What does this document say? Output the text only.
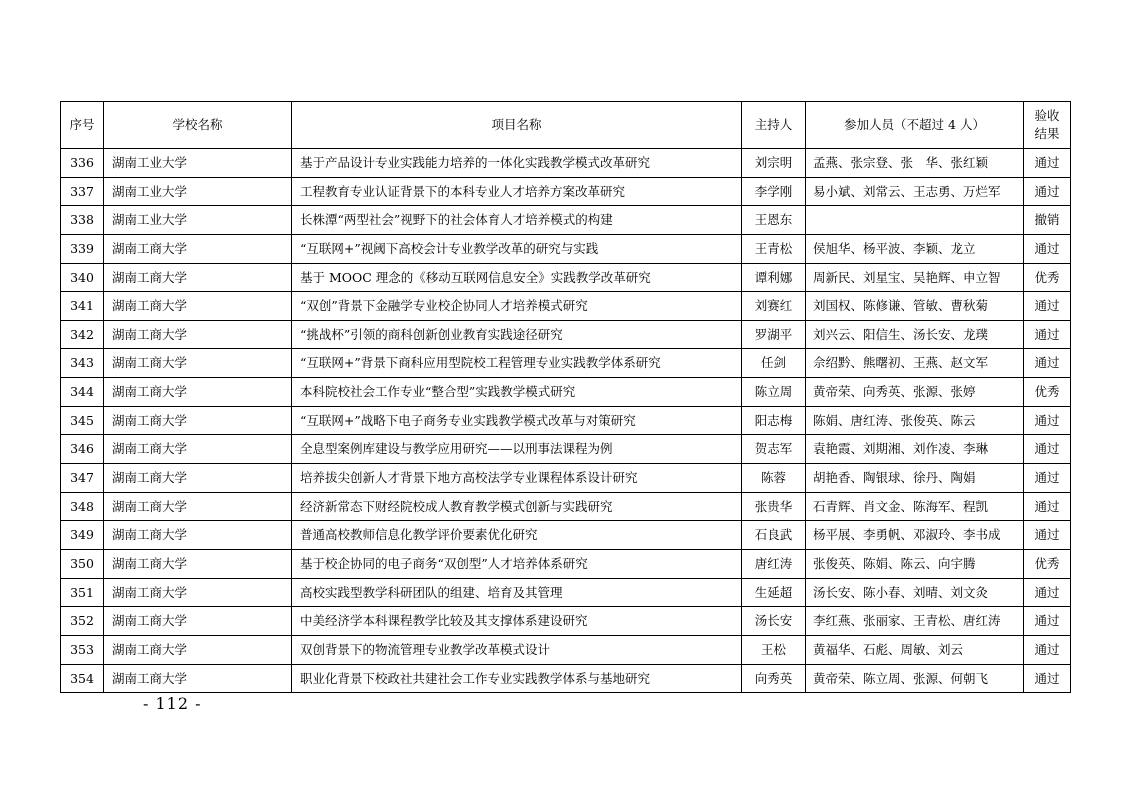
序号	学校名称	项目名称	主持人	参加人员（不超过 4 人）	验收
结果
336	湖南工业大学	基于产品设计专业实践能力培养的一体化实践教学模式改革研究	刘宗明	孟燕、张宗登、张　华、张红颖	通过
337	湖南工业大学	工程教育专业认证背景下的本科专业人才培养方案改革研究	李学刚	易小斌、刘常云、王志勇、万烂军	通过
338	湖南工业大学	长株潭“两型社会”视野下的社会体育人才培养模式的构建	王恩东		撤销
339	湖南工商大学	“互联网+”视阈下高校会计专业教学改革的研究与实践	王青松	侯旭华、杨平波、李颖、龙立	通过
340	湖南工商大学	基于 MOOC 理念的《移动互联网信息安全》实践教学改革研究	谭利娜	周新民、刘星宝、吴艳辉、申立智	优秀
341	湖南工商大学	“双创”背景下金融学专业校企协同人才培养模式研究	刘赛红	刘国权、陈修谦、管敏、曹秋菊	通过
342	湖南工商大学	“挑战杯”引领的商科创新创业教育实践途径研究	罗湖平	刘兴云、阳信生、汤长安、龙璞	通过
343	湖南工商大学	“互联网+”背景下商科应用型院校工程管理专业实践教学体系研究	任剑	佘绍黔、熊曙初、王燕、赵文军	通过
344	湖南工商大学	本科院校社会工作专业“整合型”实践教学模式研究	陈立周	黄帝荣、向秀英、张源、张婷	优秀
345	湖南工商大学	“互联网+”战略下电子商务专业实践教学模式改革与对策研究	阳志梅	陈娟、唐红涛、张俊英、陈云	通过
346	湖南工商大学	全息型案例库建设与教学应用研究——以刑事法课程为例	贺志军	袁艳霞、刘期湘、刘作凌、李琳	通过
347	湖南工商大学	培养拔尖创新人才背景下地方高校法学专业课程体系设计研究	陈蓉	胡艳香、陶银球、徐丹、陶娟	通过
348	湖南工商大学	经济新常态下财经院校成人教育教学模式创新与实践研究	张贵华	石青辉、肖文金、陈海军、程凯	通过
349	湖南工商大学	普通高校教师信息化教学评价要素优化研究	石良武	杨平展、李勇帆、邓淑玲、李书成	通过
350	湖南工商大学	基于校企协同的电子商务“双创型”人才培养体系研究	唐红涛	张俊英、陈娟、陈云、向宇腾	优秀
351	湖南工商大学	高校实践型教学科研团队的组建、培育及其管理	生延超	汤长安、陈小春、刘晴、刘文灸	通过
352	湖南工商大学	中美经济学本科课程教学比较及其支撑体系建设研究	汤长安	李红燕、张丽家、王青松、唐红涛	通过
353	湖南工商大学	双创背景下的物流管理专业教学改革模式设计	王松	黄福华、石彪、周敏、刘云	通过
354	湖南工商大学	职业化背景下校政社共建社会工作专业实践教学体系与基地研究	向秀英	黄帝荣、陈立周、张源、何朝飞	通过
- 112 -
